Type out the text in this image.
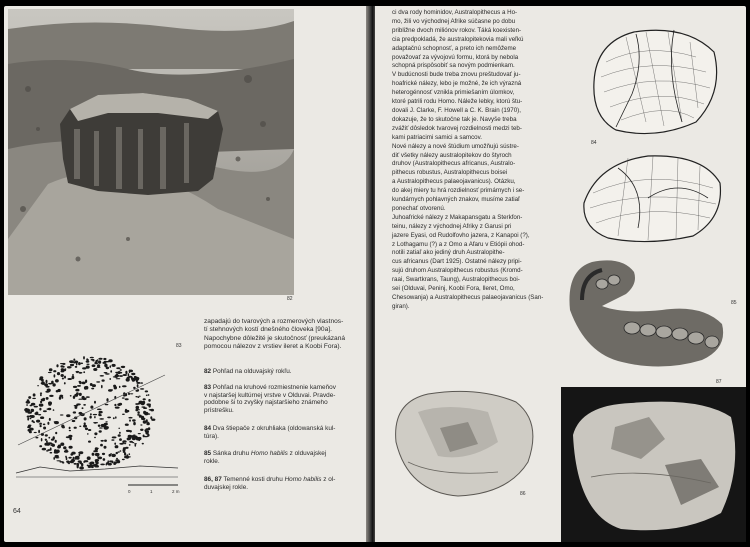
82
0	1	2 m
83

zapadajú do tvarových a rozmerových vlastnos-

tí stehnových kostí dnešného človeka [90a].

Napochybne dôležité je skutočnosť (preukázaná

pomocou nálezov z vrstiev ileret a Koobi Fora).

82 Pohľad na olduvajský rokľu.
83 Pohľad na kruhové rozmiestnenie kameňov
v najstaršej kultúrnej vrstve v Olduvai. Pravde-
podobne ši to zvyšky najstaršieho známeho
prístrešku.
84 Dva štiepače z okruhliaka (oldowanská kul-
túra).
85 Sánka druhu Homo habilis z olduvajskej
rokle.
86, 87 Temenné kosti druhu Homo habilis z ol-
duvajskej rokle.
64

ci dva rody hominidov, Australopithecus a Ho-

mo, žili vo východnej Afrike súčasne po dobu

približne dvoch miliónov rokov. Táká koexisten-

cia predpokladá, že australopitekovia mali veľkú

adaptačnú schopnosť, a preto ich nemôžeme

považovať za vývojovú formu, ktorá by nebola

schopná prispôsobiť sa novým podmienkam.

V budúcnosti bude treba znovu preštudovať ju-

hoafrické nálezy, lebo je možné, že ich výrazná

heterogénnosť vznikla primiešaním úlomkov,

ktoré patrili rodu Homo. Náleže lebky, ktorú štu-

dovali J. Clarke, F. Howell a C. K. Brain (1970),

dokazuje, že to skutočne tak je. Navyše treba

zvážiť dôsledok tvarovej rozdielnosti medzi teb-

kami patriacimi samici a samcov.

Nové nálezy a nové štúdium umožňujú sústre-

diť všetky nálezy australopitekov do štyroch

druhov (Australopithecus africanus, Australo-

pithecus robustus, Australopithecus boisei

a Australopithecus palaeojavanicus). Otázku,

do akej miery tu hrá rozdielnosť primárnych i se-

kundárnych pohlavných znakov, musíme zatiaľ

ponechať otvorenú.

Juhoafrické nálezy z Makapansgatu a Sterkfon-

teinu, nálezy z východnej Afriky z Garusi pri

jazere Eyasi, od Rudolfovho jazera, z Kanapoi (?),

z Lothagamu (?) a z Omo a Afaru v Etiópii ohod-

notili zatiaľ ako jediný druh Australopithe-

cus africanus (Dart 1925). Ostatné nálezy pripi-

sujú druhom Australopithecus robustus (Kromd-

raai, Swartkrans, Taung), Australopithecus boi-

sei (Olduvai, Peninj, Koobi Fora, Ileret, Omo,

Chesowanja) a Australopithecus palaeojavanicus (San-

giran).

84
85
86
87
